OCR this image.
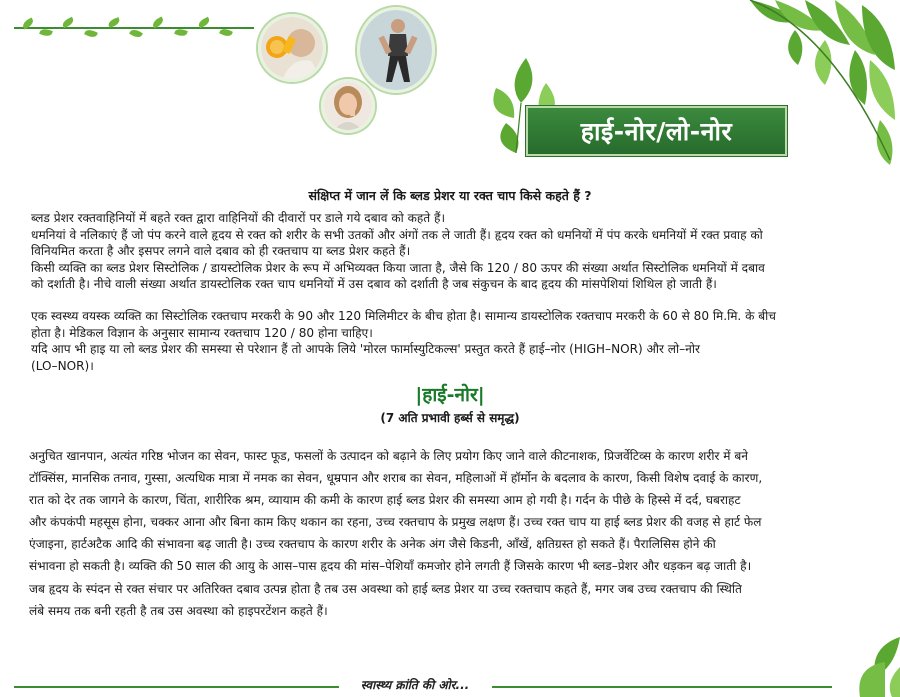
हाई-नोर/लो-नोर
संक्षिप्त में जान लें कि ब्लड प्रेशर या रक्त चाप किसे कहते हैं ?
ब्लड प्रेशर रक्तवाहिनियों में बहते रक्त द्वारा वाहिनियों की दीवारों पर डाले गये दबाव को कहते हैं।
धमनियां वे नलिकाएं हैं जो पंप करने वाले हृदय से रक्त को शरीर के सभी उतकों और अंगों तक ले जाती हैं। हृदय रक्त को धमनियों में पंप करके धमनियों में रक्त प्रवाह को
विनियमित करता है और इसपर लगने वाले दबाव को ही रक्तचाप या ब्लड प्रेशर कहते हैं।
किसी व्यक्ति का ब्लड प्रेशर सिस्टोलिक / डायस्टोलिक प्रेशर के रूप में अभिव्यक्त किया जाता है, जैसे कि 120 / 80 ऊपर की संख्या अर्थात सिस्टोलिक धमनियों में दबाव
को दर्शाती है। नीचे वाली संख्या अर्थात डायस्टोलिक रक्त चाप धमनियों में उस दबाव को दर्शाती है जब संकुचन के बाद हृदय की मांसपेशियां शिथिल हो जाती हैं।
एक स्वस्थ्य वयस्क व्यक्ति का सिस्टोलिक रक्तचाप मरकरी के 90 और 120 मिलिमीटर के बीच होता है। सामान्य डायस्टोलिक रक्तचाप मरकरी के 60 से 80 मि.मि. के बीच
होता है। मेडिकल विज्ञान के अनुसार सामान्य रक्तचाप 120 / 80 होना चाहिए।
यदि आप भी हाइ या लो ब्लड प्रेशर की समस्या से परेशान हैं तो आपके लिये 'मोरल फार्मास्युटिकल्स' प्रस्तुत करते हैं हाई–नोर (HIGH–NOR) और लो–नोर
(LO–NOR)।
|हाई-नोर|
(7 अति प्रभावी हर्ब्स से समृद्ध)
अनुचित खानपान, अत्यंत गरिष्ठ भोजन का सेवन, फास्ट फूड, फसलों के उत्पादन को बढ़ाने के लिए प्रयोग किए जाने वाले कीटनाशक, प्रिजर्वेटिव्स के कारण शरीर में बने
टॉक्सिंस, मानसिक तनाव, गुस्सा, अत्यधिक मात्रा में नमक का सेवन, धूम्रपान और शराब का सेवन, महिलाओं में हॉर्मोन के बदलाव के कारण, किसी विशेष दवाई के कारण,
रात को देर तक जागने के कारण, चिंता, शारीरिक श्रम, व्यायाम की कमी के कारण हाई ब्लड प्रेशर की समस्या आम हो गयी है। गर्दन के पीछे के हिस्से में दर्द, घबराहट
और कंपकंपी महसूस होना, चक्कर आना और बिना काम किए थकान का रहना, उच्च रक्तचाप के प्रमुख लक्षण हैं। उच्च रक्त चाप या हाई ब्लड प्रेशर की वजह से हार्ट फेल
एंजाइना, हार्टअटैक आदि की संभावना बढ़ जाती है। उच्च रक्तचाप के कारण शरीर के अनेक अंग जैसे किडनी, आँखें, क्षतिग्रस्त हो सकते हैं। पैरालिसिस होने की
संभावना हो सकती है। व्यक्ति की 50 साल की आयु के आस–पास हृदय की मांस–पेशियाँ कमजोर होने लगती हैं जिसके कारण भी ब्लड–प्रेशर और धड़कन बढ़ जाती है।
जब हृदय के स्पंदन से रक्त संचार पर अतिरिक्त दबाव उत्पन्न होता है तब उस अवस्था को हाई ब्लड प्रेशर या उच्च रक्तचाप कहते हैं, मगर जब उच्च रक्तचाप की स्थिति
लंबे समय तक बनी रहती है तब उस अवस्था को हाइपरटेंशन कहते हैं।
स्वास्थ्य क्रांति की ओर...
